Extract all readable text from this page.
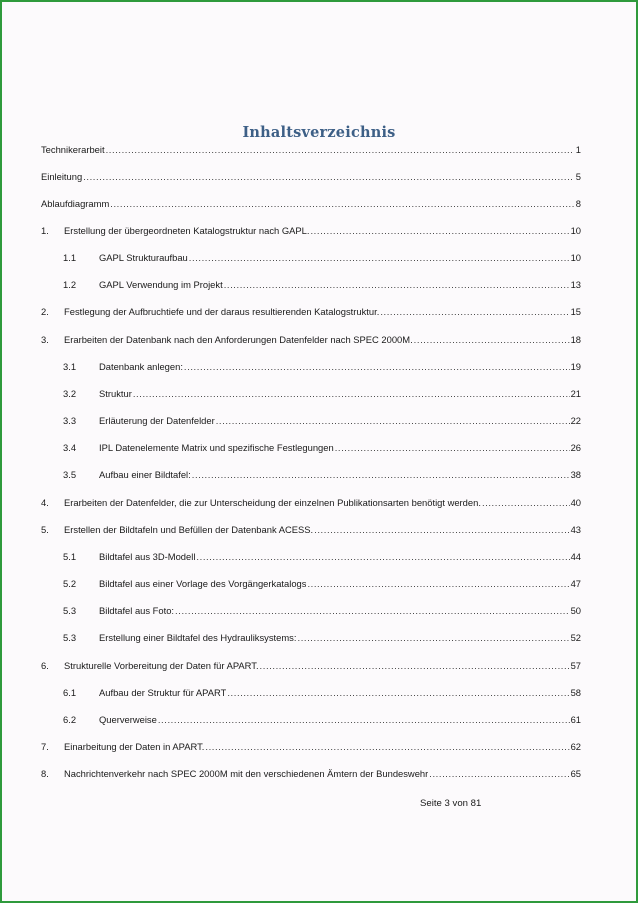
Inhaltsverzeichnis
Technikerarbeit .....	1
Einleitung .....	5
Ablaufdiagramm .....	8
1.	Erstellung der übergeordneten Katalogstruktur nach GAPL. .....	10
1.1	GAPL Strukturaufbau .....	10
1.2	GAPL Verwendung im Projekt .....	13
2.	Festlegung der Aufbruchtiefe und der daraus resultierenden Katalogstruktur. .....	15
3.	Erarbeiten der Datenbank nach den Anforderungen Datenfelder nach SPEC 2000M. .....	18
3.1	Datenbank anlegen: .....	19
3.2	Struktur .....	21
3.3	Erläuterung der Datenfelder .....	22
3.4	IPL Datenelemente Matrix und spezifische Festlegungen .....	26
3.5	Aufbau einer Bildtafel: .....	38
4.	Erarbeiten der Datenfelder, die zur Unterscheidung der einzelnen Publikationsarten benötigt werden. .....	40
5.	Erstellen der Bildtafeln und Befüllen der Datenbank ACESS. .....	43
5.1	Bildtafel aus 3D-Modell .....	44
5.2	Bildtafel aus einer Vorlage des Vorgängerkatalogs .....	47
5.3	Bildtafel aus Foto: .....	50
5.3	Erstellung einer Bildtafel des Hydrauliksystems: .....	52
6.	Strukturelle Vorbereitung der Daten für APART. .....	57
6.1	Aufbau der Struktur für APART .....	58
6.2	Querverweise .....	61
7.	Einarbeitung der Daten in APART. .....	62
8.	Nachrichtenverkehr nach SPEC 2000M mit den verschiedenen Ämtern der Bundeswehr .....	65
Seite 3 von 81
